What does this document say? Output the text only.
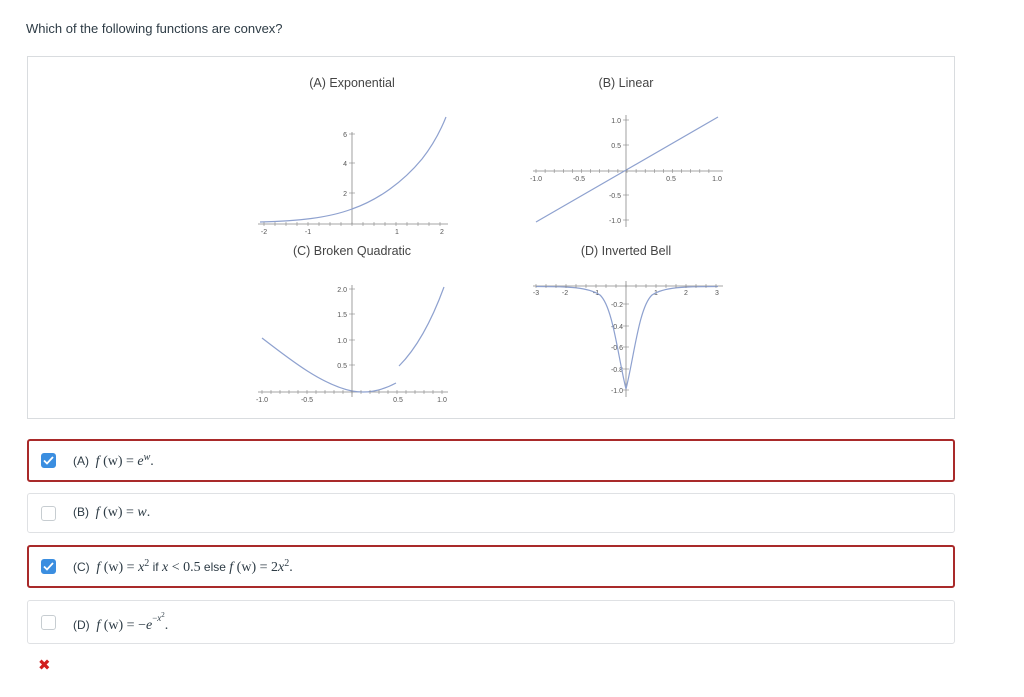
Which of the following functions are convex?
(A) Exponential
-2	-1	1	2
2
4
6
(B) Linear
-1.0	-0.5	0.5	1.0
1.0
0.5
-0.5
-1.0
(C) Broken Quadratic
-1.0	-0.5	0.5	1.0
2.0
1.5
1.0
0.5
(D) Inverted Bell
-3	-2	-1	1	2	3
-0.2
-0.4
-0.6
-0.8
-1.0
(A) f $(w) = e^w$.
(B) f (w) = w.
(C) f $(w) = x^2$ if x < 0.5 else f $(w) = 2x^2$.
(D) f $(w) = -e^{-x^2}$.
✖
